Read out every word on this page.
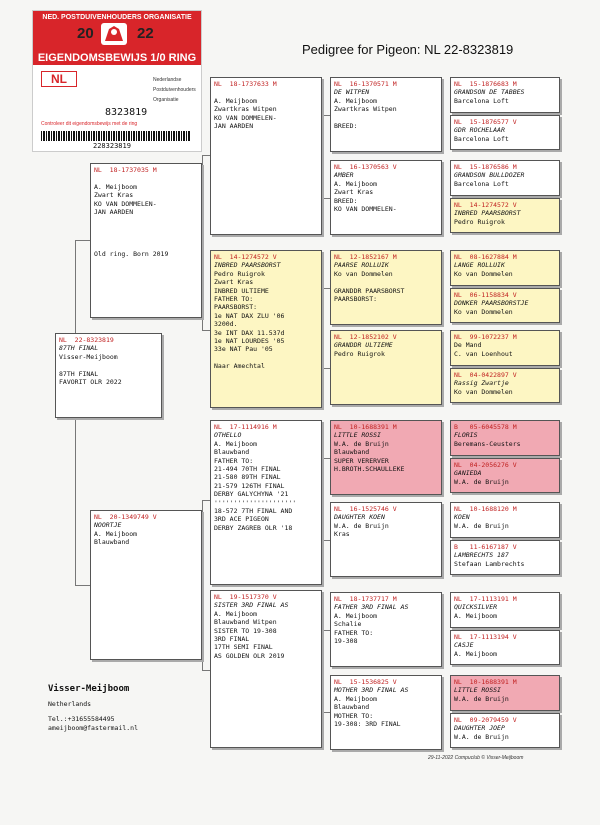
NED. POSTDUIVENHOUDERS ORGANISATIE
20	22
EIGENDOMSBEWIJS 1/0 RING
NL
8323819
Nederlandse
Postduivenhouders
Organisatie
Controleer dit eigendomsbewijs met de ring
228323819
Pedigree for Pigeon: NL 22-8323819
NL  22-8323819
87TH FINAL
Visser-Meijboom

87TH FINAL
FAVORIT OLR 2022
NL  18-1737035 M

A. Meijboom
Zwart Kras
KO VAN DOMMELEN-
JAN AARDEN

Old ring. Born 2019
NL  20-1349749 V
NOORTJE
A. Meijboom
Blauwband
NL  18-1737633 M

A. Meijboom
Zwartkras Witpen
KO VAN DOMMELEN-
JAN AARDEN
NL  14-1274572 V
INBRED PAARSBORST
Pedro Ruigrok
Zwart Kras
INBRED ULTIEME
FATHER TO:
PAARSBORST:
1e NAT DAX ZLU '06
3200d.
3e INT DAX 11.537d
1e NAT LOURDES '05
33e NAT Pau '05

Naar Amechtal
NL  17-1114916 M
OTHELLO
A. Meijboom
Blauwband
FATHER TO:
21-494 70TH FINAL
21-580 89TH FINAL
21-579 126TH FINAL
DERBY GALYCHYNA '21
'''''''''''''''''''''
18-572 7TH FINAL AND
3RD ACE PIGEON
DERBY ZAGREB OLR '18
NL  19-1517370 V
SISTER 3RD FINAL AS
A. Meijboom
Blauwband Witpen
SISTER TO 19-308
3RD FINAL
17TH SEMI FINAL
AS GOLDEN OLR 2019
NL  16-1370571 M
DE WITPEN
A. Meijboom
Zwartkras Witpen

BREED:
NL  16-1370563 V
AMBER
A. Meijboom
Zwart Kras
BREED:
KO VAN DOMMELEN-
NL  12-1852167 M
PAARSE ROLLUIK
Ko van Dommelen

GRANDDR PAARSBORST
PAARSBORST:
NL  12-1852102 V
GRANDDR ULTIEME
Pedro Ruigrok
NL  10-1688391 M
LITTLE ROSSI
W.A. de Bruijn
Blauwband
SUPER VERERVER
H.BROTH.SCHAULLEKE
NL  16-1525746 V
DAUGHTER KOEN
W.A. de Bruijn
Kras
NL  18-1737717 M
FATHER 3RD FINAL AS
A. Meijboom
Schalie
FATHER TO:
19-308
NL  15-1536825 V
MOTHER 3RD FINAL AS
A. Meijboom
Blauwband
MOTHER TO:
19-308: 3RD FINAL
NL  15-1876683 M
GRANDSON DE TABBES
Barcelona Loft
NL  15-1876577 V
GDR ROCHELAAR
Barcelona Loft
NL  15-1876586 M
GRANDSON BULLDOZER
Barcelona Loft
NL  14-1274572 V
INBRED PAARSBORST
Pedro Ruigrok
NL  08-1627884 M
LANGE ROLLUIK
Ko van Dommelen
NL  06-1158834 V
DONKER PAARSBORSTJE
Ko van Dommelen
NL  99-1072237 M
De Mand
C. van Loenhout
NL  04-0422897 V
Rassig Zwartje
Ko van Dommelen
B   05-6045578 M
FLORIS
Beremans-Ceusters
NL  04-2056276 V
GANIEDA
W.A. de Bruijn
NL  10-1688120 M
KOEN
W.A. de Bruijn
B   11-6167187 V
LAMBRECHTS 187
Stefaan Lambrechts
NL  17-1113191 M
QUICKSILVER
A. Meijboom
NL  17-1113194 V
CASJE
A. Meijboom
NL  10-1688391 M
LITTLE ROSSI
W.A. de Bruijn
NL  09-2079459 V
DAUGHTER JOEP
W.A. de Bruijn
Visser-Meijboom
Netherlands
Tel.:+31655584495
ameijboom@fastermail.nl
29-11-2022 Compuclub © Visser-Meijboom
